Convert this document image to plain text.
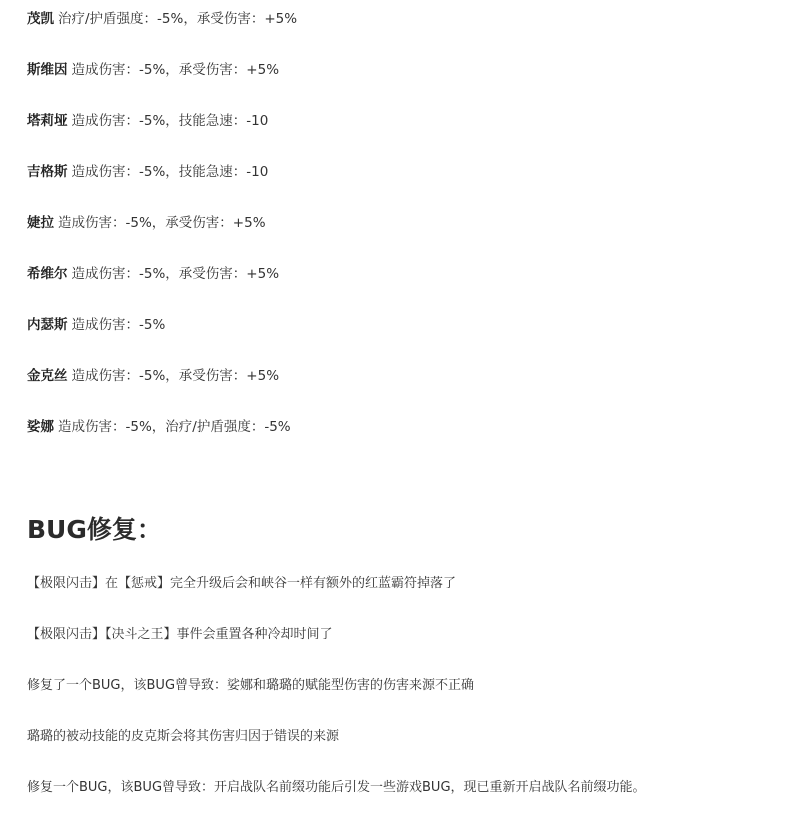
茂凯 治疗/护盾强度：-5%，承受伤害：+5%
斯维因 造成伤害：-5%，承受伤害：+5%
塔莉垭 造成伤害：-5%，技能急速：-10
吉格斯 造成伤害：-5%，技能急速：-10
婕拉 造成伤害：-5%，承受伤害：+5%
希维尔 造成伤害：-5%，承受伤害：+5%
内瑟斯 造成伤害：-5%
金克丝 造成伤害：-5%，承受伤害：+5%
娑娜 造成伤害：-5%，治疗/护盾强度：-5%
BUG修复：
【极限闪击】在【惩戒】完全升级后会和峡谷一样有额外的红蓝霸符掉落了
【极限闪击】【决斗之王】事件会重置各种冷却时间了
修复了一个BUG，该BUG曾导致：娑娜和璐璐的赋能型伤害的伤害来源不正确
璐璐的被动技能的皮克斯会将其伤害归因于错误的来源
修复一个BUG，该BUG曾导致：开启战队名前缀功能后引发一些游戏BUG，现已重新开启战队名前缀功能。
